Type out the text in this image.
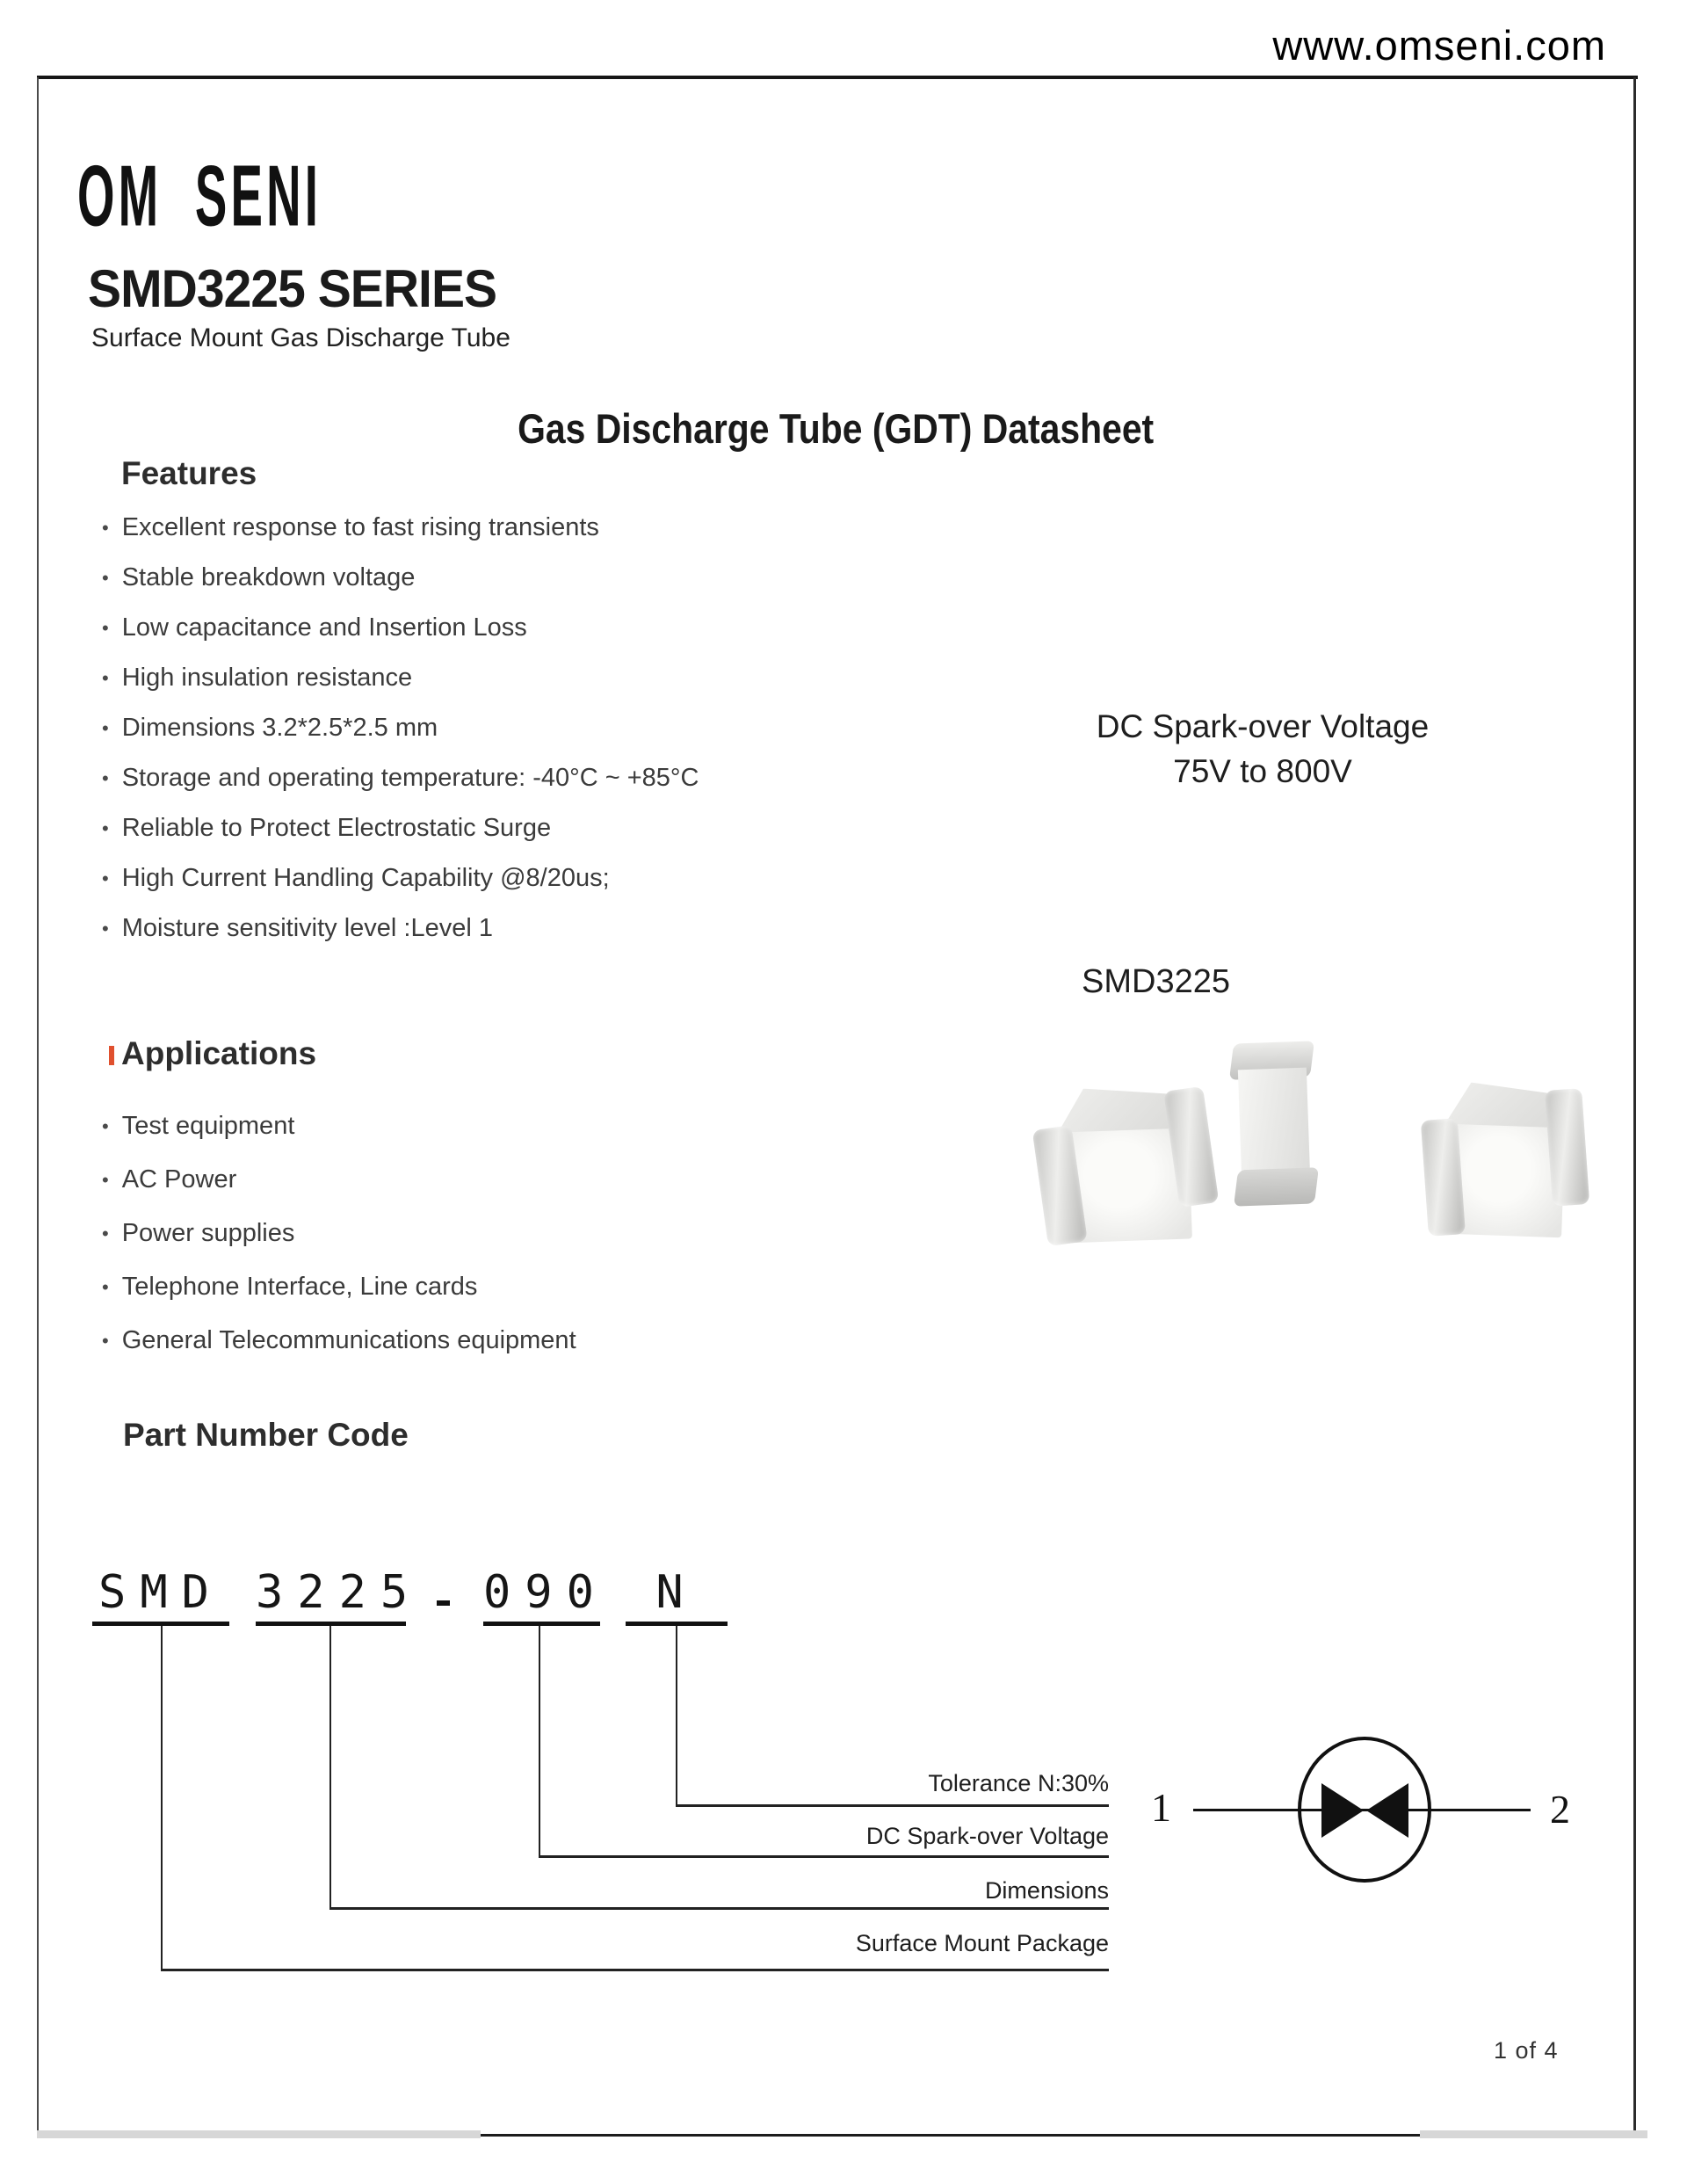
www.omseni.com
OM SENI
SMD3225 SERIES
Surface Mount Gas Discharge Tube
Gas Discharge Tube (GDT) Datasheet
Features
• Excellent response to fast rising transients
• Stable breakdown voltage
• Low capacitance and Insertion Loss
• High insulation resistance
• Dimensions 3.2*2.5*2.5 mm
• Storage and operating temperature: -40°C ~ +85°C
• Reliable to Protect Electrostatic Surge
• High Current Handling Capability @8/20us;
• Moisture sensitivity level :Level 1
DC Spark-over Voltage
75V to 800V
SMD3225
Applications
• Test equipment
• AC Power
• Power supplies
• Telephone Interface, Line cards
• General Telecommunications equipment
Part Number Code
SMD 3225 090	N
Tolerance N:30%
DC Spark-over Voltage
Dimensions
Surface Mount Package
1	2
1 of 4
